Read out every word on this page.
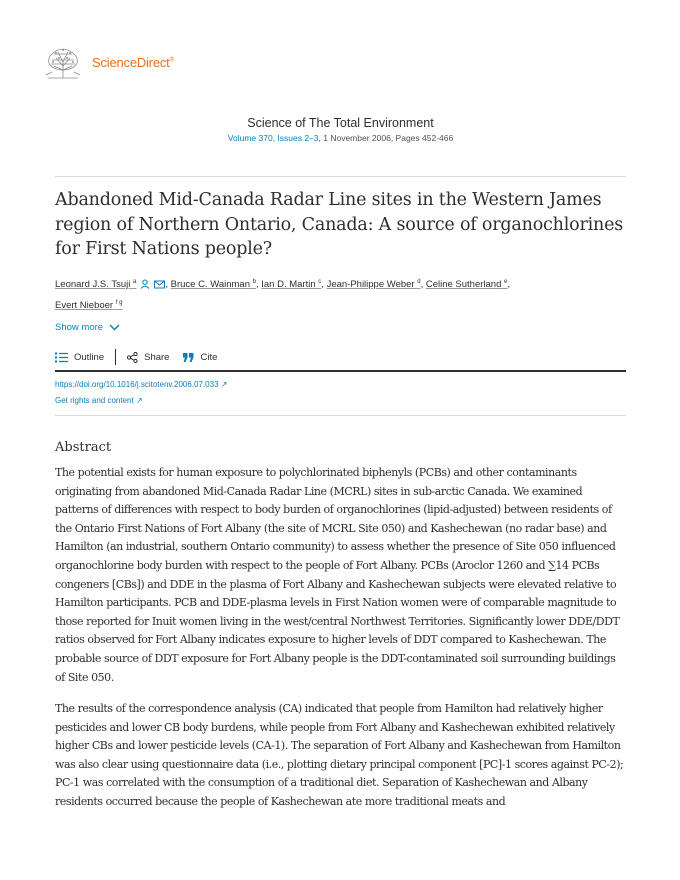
ScienceDirect®
Science of The Total Environment
Volume 370, Issues 2–3, 1 November 2006, Pages 452-466
Abandoned Mid-Canada Radar Line sites in the Western James region of Northern Ontario, Canada: A source of organochlorines for First Nations people?
Leonard J.S. Tsuji $^a$	, Bruce C. Wainman $^b$, Ian D. Martin $^c$, Jean-Philippe Weber $^d$, Celine Sutherland $^e$,
Evert Nieboer $^{f g}$
Show more
Outline	Share	Cite
https://doi.org/10.1016/j.scitotenv.2006.07.033 ↗
Get rights and content ↗
Abstract

The potential exists for human exposure to polychlorinated biphenyls (PCBs) and other contaminants originating from abandoned Mid-Canada Radar Line (MCRL) sites in sub-arctic Canada. We examined patterns of differences with respect to body burden of organochlorines (lipid-adjusted) between residents of the Ontario First Nations of Fort Albany (the site of MCRL Site 050) and Kashechewan (no radar base) and Hamilton (an industrial, southern Ontario community) to assess whether the presence of Site 050 influenced organochlorine body burden with respect to the people of Fort Albany. PCBs (Aroclor 1260 and ∑14 PCBs congeners [CBs]) and DDE in the plasma of Fort Albany and Kashechewan subjects were elevated relative to Hamilton participants. PCB and DDE-plasma levels in First Nation women were of comparable magnitude to those reported for Inuit women living in the west/central Northwest Territories. Significantly lower DDE/DDT ratios observed for Fort Albany indicates exposure to higher levels of DDT compared to Kashechewan. The probable source of DDT exposure for Fort Albany people is the DDT-contaminated soil surrounding buildings of Site 050.

The results of the correspondence analysis (CA) indicated that people from Hamilton had relatively higher pesticides and lower CB body burdens, while people from Fort Albany and Kashechewan exhibited relatively higher CBs and lower pesticide levels (CA-1). The separation of Fort Albany and Kashechewan from Hamilton was also clear using questionnaire data (i.e., plotting dietary principal component [PC]-1 scores against PC-2); PC-1 was correlated with the consumption of a traditional diet. Separation of Kashechewan and Albany residents occurred because the people of Kashechewan ate more traditional meats and
